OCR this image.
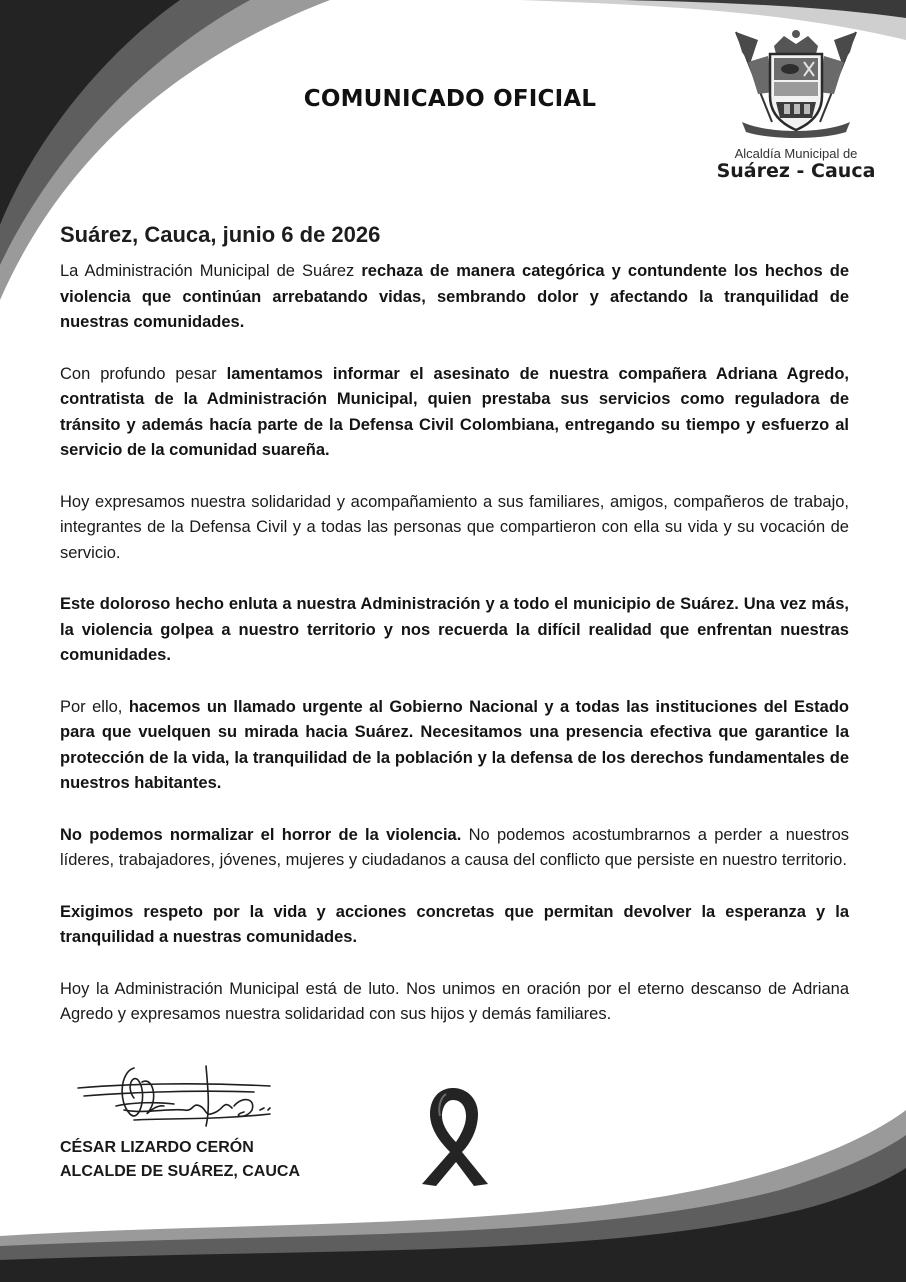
COMUNICADO OFICIAL
Alcaldía Municipal de
Suárez - Cauca
Suárez, Cauca, junio 6 de 2026

La Administración Municipal de Suárez rechaza de manera categórica y contundente los hechos de violencia que continúan arrebatando vidas, sembrando dolor y afectando la tranquilidad de nuestras comunidades.

Con profundo pesar lamentamos informar el asesinato de nuestra compañera Adriana Agredo, contratista de la Administración Municipal, quien prestaba sus servicios como reguladora de tránsito y además hacía parte de la Defensa Civil Colombiana, entregando su tiempo y esfuerzo al servicio de la comunidad suareña.

Hoy expresamos nuestra solidaridad y acompañamiento a sus familiares, amigos, compañeros de trabajo, integrantes de la Defensa Civil y a todas las personas que compartieron con ella su vida y su vocación de servicio.

Este doloroso hecho enluta a nuestra Administración y a todo el municipio de Suárez. Una vez más, la violencia golpea a nuestro territorio y nos recuerda la difícil realidad que enfrentan nuestras comunidades.

Por ello, hacemos un llamado urgente al Gobierno Nacional y a todas las instituciones del Estado para que vuelquen su mirada hacia Suárez. Necesitamos una presencia efectiva que garantice la protección de la vida, la tranquilidad de la población y la defensa de los derechos fundamentales de nuestros habitantes.

No podemos normalizar el horror de la violencia. No podemos acostumbrarnos a perder a nuestros líderes, trabajadores, jóvenes, mujeres y ciudadanos a causa del conflicto que persiste en nuestro territorio.

Exigimos respeto por la vida y acciones concretas que permitan devolver la esperanza y la tranquilidad a nuestras comunidades.

Hoy la Administración Municipal está de luto. Nos unimos en oración por el eterno descanso de Adriana Agredo y expresamos nuestra solidaridad con sus hijos y demás familiares.

CÉSAR LIZARDO CERÓN
ALCALDE DE SUÁREZ, CAUCA
